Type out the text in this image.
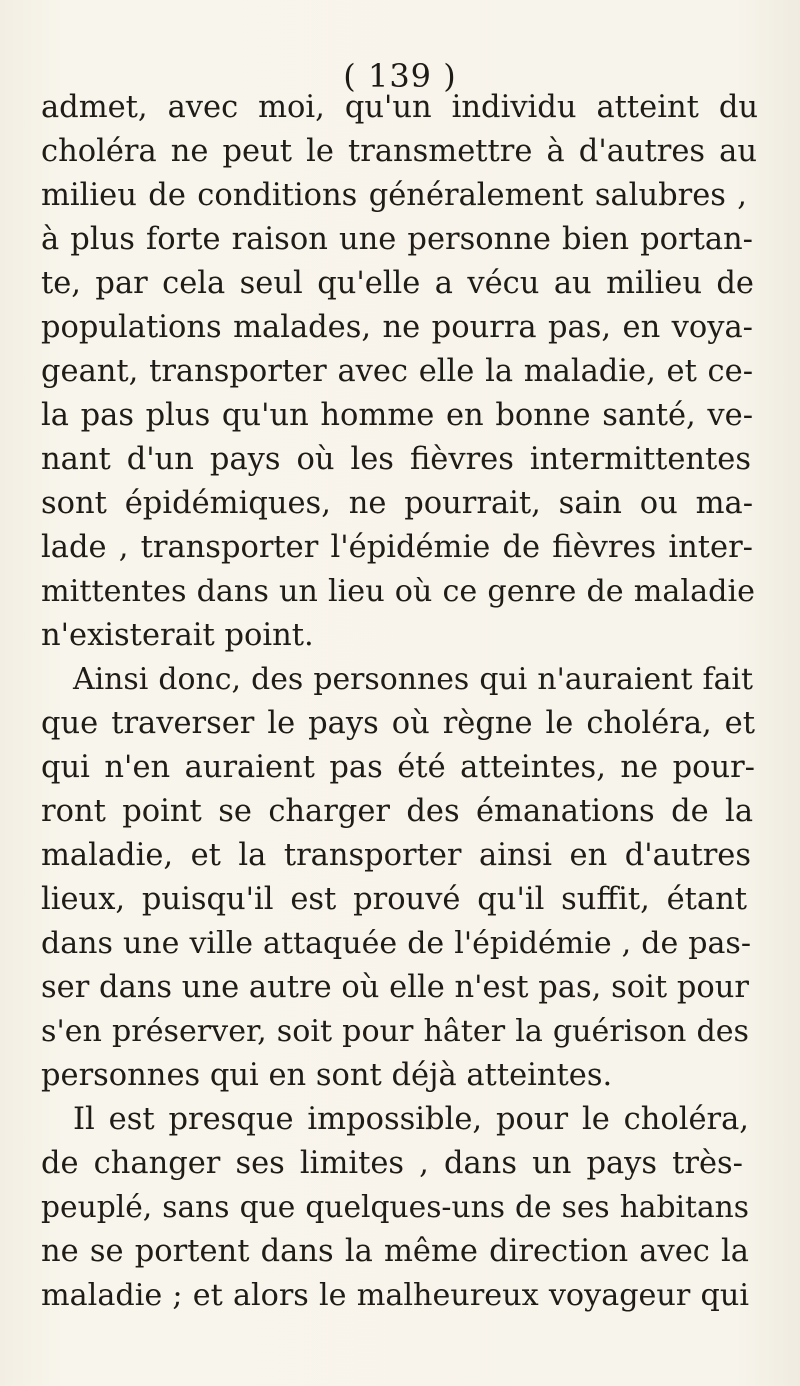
( 139 )
admet, avec moi, qu'un individu atteint du
choléra ne peut le transmettre à d'autres au
milieu de conditions généralement salubres ,
à plus forte raison une personne bien portan-
te, par cela seul qu'elle a vécu au milieu de
populations malades, ne pourra pas, en voya-
geant, transporter avec elle la maladie, et ce-
la pas plus qu'un homme en bonne santé, ve-
nant d'un pays où les fièvres intermittentes
sont épidémiques, ne pourrait, sain ou ma-
lade , transporter l'épidémie de fièvres inter-
mittentes dans un lieu où ce genre de maladie
n'existerait point.
Ainsi donc, des personnes qui n'auraient fait
que traverser le pays où règne le choléra, et
qui n'en auraient pas été atteintes, ne pour-
ront point se charger des émanations de la
maladie, et la transporter ainsi en d'autres
lieux, puisqu'il est prouvé qu'il suffit, étant
dans une ville attaquée de l'épidémie , de pas-
ser dans une autre où elle n'est pas, soit pour
s'en préserver, soit pour hâter la guérison des
personnes qui en sont déjà atteintes.
Il est presque impossible, pour le choléra,
de changer ses limites , dans un pays très-
peuplé, sans que quelques-uns de ses habitans
ne se portent dans la même direction avec la
maladie ; et alors le malheureux voyageur qui
